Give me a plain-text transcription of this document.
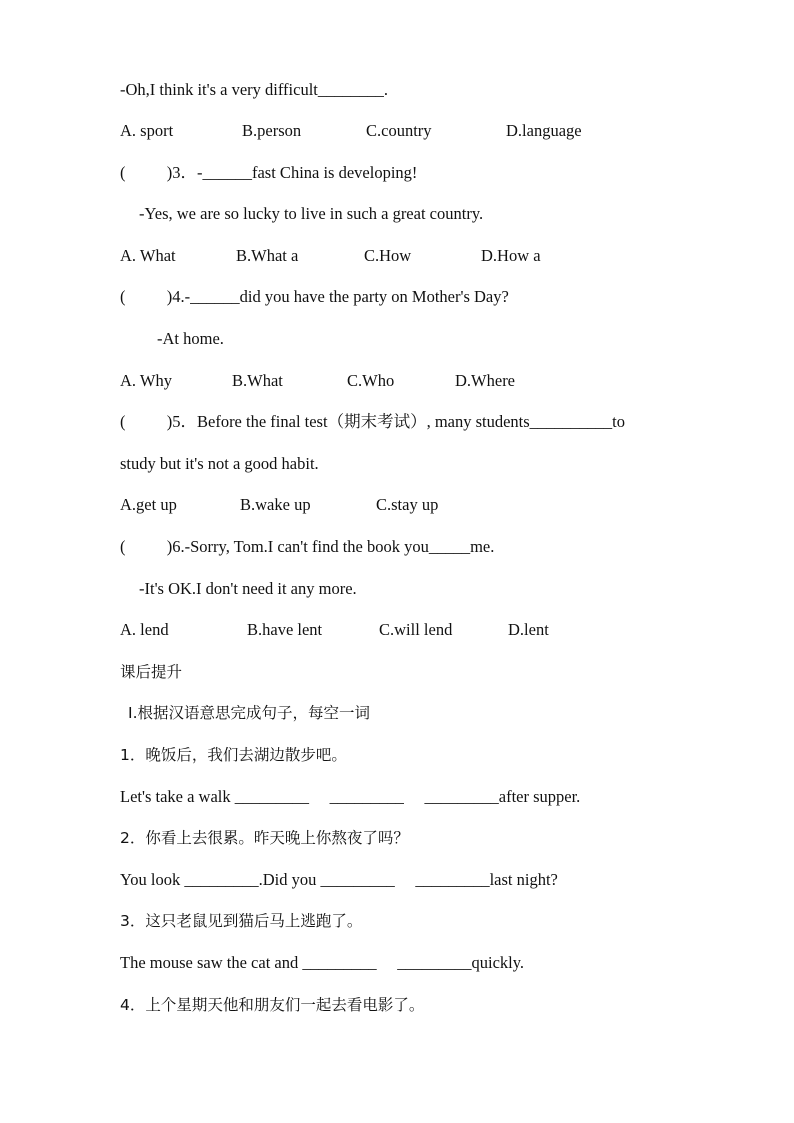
-Oh,I think it's a very difficult________.
A. sport	B.person	C.country	D.language
(          )3．-______fast China is developing!
-Yes, we are so lucky to live in such a great country.
A. What	B.What a	C.How	D.How a
(          )4.-______did you have the party on Mother's Day?
-At home.
A. Why	B.What	C.Who	D.Where
(          )5．Before the final test（期末考试）, many students__________to
study but it's not a good habit.
A.get up	B.wake up	C.stay up
(          )6.-Sorry, Tom.I can't find the book you_____me.
-It's OK.I don't need it any more.
A. lend	B.have lent	C.will lend	D.lent
课后提升
Ⅰ.根据汉语意思完成句子，每空一词
1．晚饭后，我们去湖边散步吧。
Let's take a walk _________     _________     _________after supper.
2．你看上去很累。昨天晚上你熬夜了吗？
You look _________.Did you _________     _________last night?
3．这只老鼠见到猫后马上逃跑了。
The mouse saw the cat and _________     _________quickly.
4．上个星期天他和朋友们一起去看电影了。
